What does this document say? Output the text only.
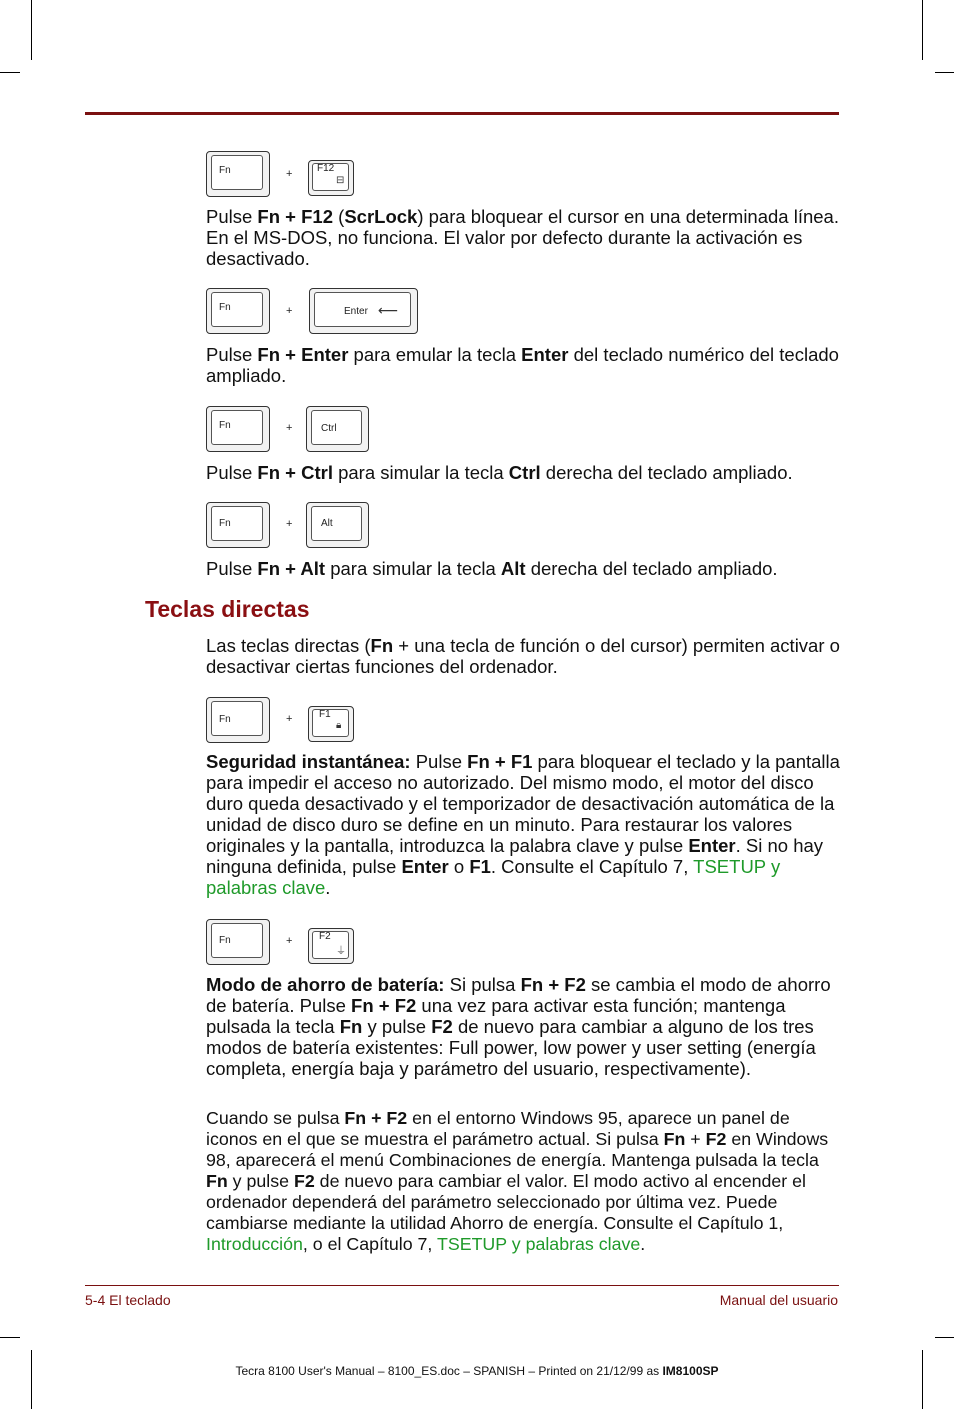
Fn	+ F12
⊟

Pulse Fn + F12 (ScrLock) para bloquear el cursor en una determinada línea. En el MS-DOS, no funciona. El valor por defecto durante la activación es desactivado.

Fn	+	Enter ⟵

Pulse Fn + Enter para emular la tecla Enter del teclado numérico del teclado ampliado.

Fn	+	Ctrl

Pulse Fn + Ctrl para simular la tecla Ctrl derecha del teclado ampliado.

Fn	+	Alt

Pulse Fn + Alt para simular la tecla Alt derecha del teclado ampliado.

Teclas directas

Las teclas directas (Fn + una tecla de función o del cursor) permiten activar o desactivar ciertas funciones del ordenador.

Fn	+	F1
🔒︎

Seguridad instantánea: Pulse Fn + F1 para bloquear el teclado y la pantalla para impedir el acceso no autorizado. Del mismo modo, el motor del disco duro queda desactivado y el temporizador de desactivación automática de la unidad de disco duro se define en un minuto. Para restaurar los valores originales y la pantalla, introduzca la palabra clave y pulse Enter. Si no hay ninguna definida, pulse Enter o F1. Consulte el Capítulo 7, TSETUP y palabras clave.

Fn	+	F2
⏚

Modo de ahorro de batería: Si pulsa Fn + F2 se cambia el modo de ahorro de batería. Pulse Fn + F2 una vez para activar esta función; mantenga pulsada la tecla Fn y pulse F2 de nuevo para cambiar a alguno de los tres modos de batería existentes: Full power, low power y user setting (energía completa, energía baja y parámetro del usuario, respectivamente).

Cuando se pulsa Fn + F2 en el entorno Windows 95, aparece un panel de iconos en el que se muestra el parámetro actual. Si pulsa Fn + F2 en Windows 98, aparecerá el menú Combinaciones de energía. Mantenga pulsada la tecla Fn y pulse F2 de nuevo para cambiar el valor. El modo activo al encender el ordenador dependerá del parámetro seleccionado por última vez. Puede cambiarse mediante la utilidad Ahorro de energía. Consulte el Capítulo 1, Introducción, o el Capítulo 7, TSETUP y palabras clave.

5-4 El teclado	Manual del usuario
Tecra 8100 User's Manual – 8100_ES.doc – SPANISH – Printed on 21/12/99 as IM8100SP
